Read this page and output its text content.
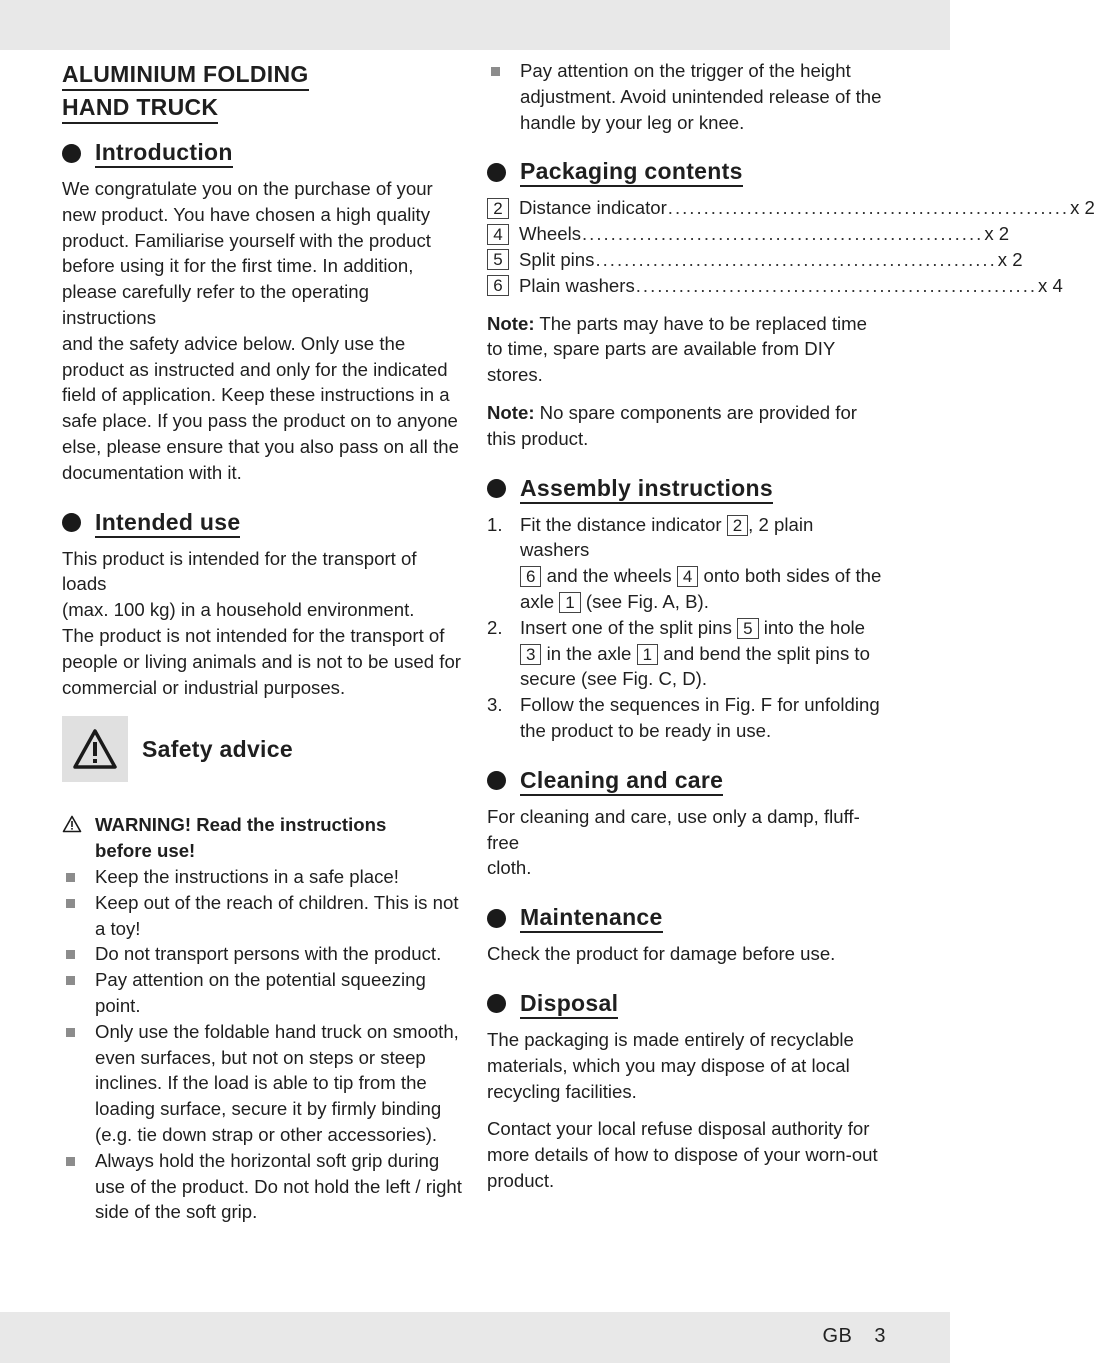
ALUMINIUM FOLDING
HAND TRUCK
Introduction
We congratulate you on the purchase of your
new product. You have chosen a high quality
product. Familiarise yourself with the product
before using it for the first time. In addition,
please carefully refer to the operating instructions
and the safety advice below. Only use the
product as instructed and only for the indicated
field of application. Keep these instructions in a
safe place. If you pass the product on to anyone
else, please ensure that you also pass on all the
documentation with it.
Intended use
This product is intended for the transport of loads
(max. 100 kg) in a household environment.
The product is not intended for the transport of
people or living animals and is not to be used for
commercial or industrial purposes.
Safety advice
WARNING! Read the instructions
before use!
Keep the instructions in a safe place!
Keep out of the reach of children. This is not
a toy!
Do not transport persons with the product.
Pay attention on the potential squeezing
point.
Only use the foldable hand truck on smooth,
even surfaces, but not on steps or steep
inclines. If the load is able to tip from the
loading surface, secure it by firmly binding
(e.g. tie down strap or other accessories).
Always hold the horizontal soft grip during
use of the product. Do not hold the left / right
side of the soft grip.
Pay attention on the trigger of the height
adjustment. Avoid unintended release of the
handle by your leg or knee.
Packaging contents
2 Distance indicator ........................................................ x 2
4 Wheels ........................................................ x 2
5 Split pins ........................................................ x 2
6 Plain washers ........................................................ x 4
Note: The parts may have to be replaced time
to time, spare parts are available from DIY stores.
Note: No spare components are provided for
this product.
Assembly instructions
1. Fit the distance indicator 2 , 2 plain washers
6 and the wheels 4 onto both sides of the
axle 1 (see Fig. A, B).
2. Insert one of the split pins 5 into the hole
3 in the axle 1 and bend the split pins to
secure (see Fig. C, D).
3. Follow the sequences in Fig. F for unfolding
the product to be ready in use.
Cleaning and care
For cleaning and care, use only a damp, fluff-free
cloth.
Maintenance
Check the product for damage before use.
Disposal
The packaging is made entirely of recyclable
materials, which you may dispose of at local
recycling facilities.
Contact your local refuse disposal authority for
more details of how to dispose of your worn-out
product.
GB 3
